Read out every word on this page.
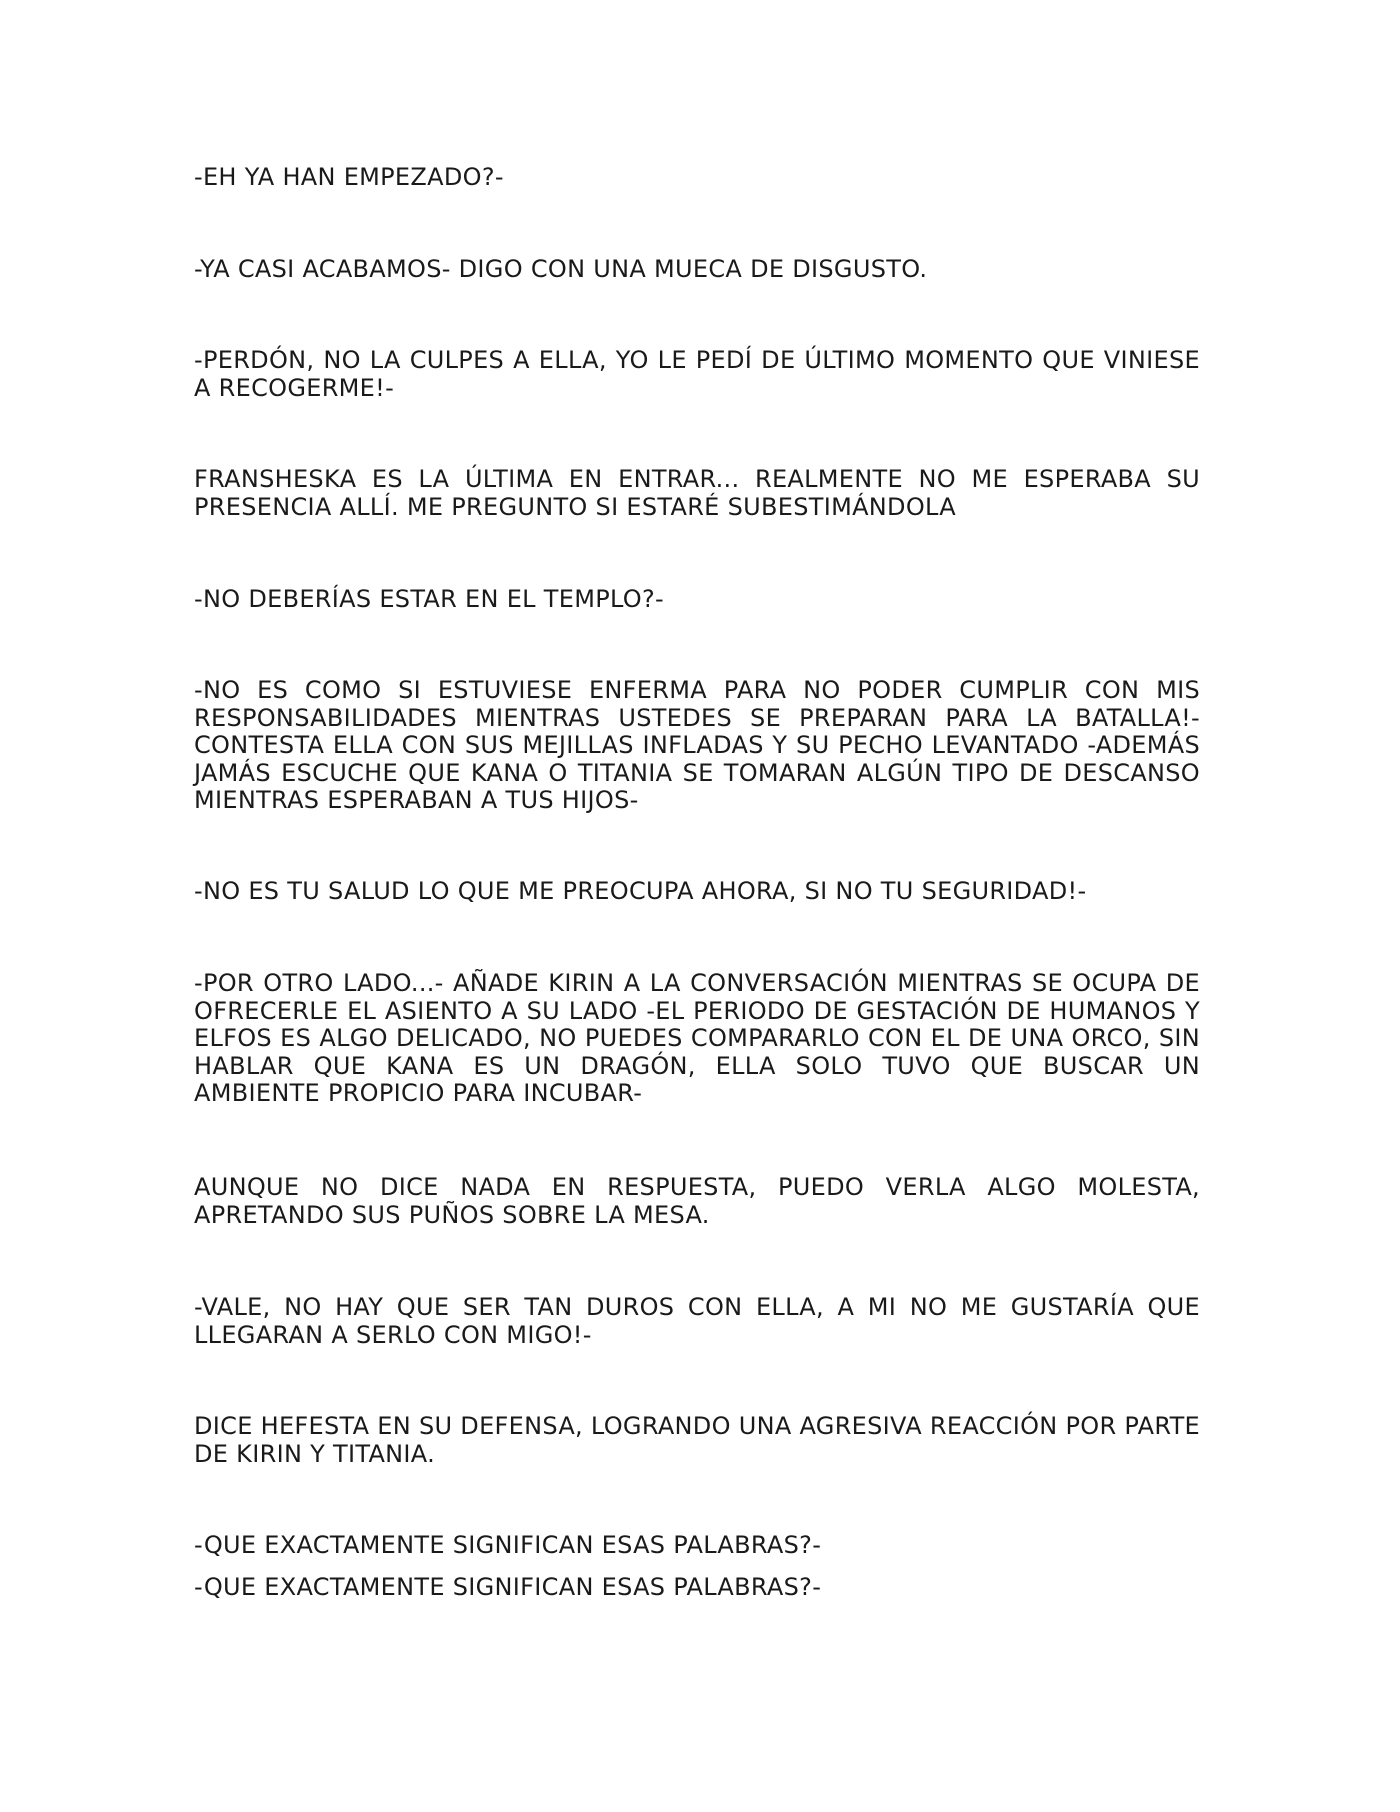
-EH YA HAN EMPEZADO?-

-YA CASI ACABAMOS- DIGO CON UNA MUECA DE DISGUSTO.

-PERDÓN, NO LA CULPES A ELLA, YO LE PEDÍ DE ÚLTIMO MOMENTO QUE VINIESE A RECOGERME!-

FRANSHESKA ES LA ÚLTIMA EN ENTRAR... REALMENTE NO ME ESPERABA SU PRESENCIA ALLÍ. ME PREGUNTO SI ESTARÉ SUBESTIMÁNDOLA

-NO DEBERÍAS ESTAR EN EL TEMPLO?-

-NO ES COMO SI ESTUVIESE ENFERMA PARA NO PODER CUMPLIR CON MIS RESPONSABILIDADES MIENTRAS USTEDES SE PREPARAN PARA LA BATALLA!- CONTESTA ELLA CON SUS MEJILLAS INFLADAS Y SU PECHO LEVANTADO -ADEMÁS JAMÁS ESCUCHE QUE KANA O TITANIA SE TOMARAN ALGÚN TIPO DE DESCANSO MIENTRAS ESPERABAN A TUS HIJOS-

-NO ES TU SALUD LO QUE ME PREOCUPA AHORA, SI NO TU SEGURIDAD!-

-POR OTRO LADO...- AÑADE KIRIN A LA CONVERSACIÓN MIENTRAS SE OCUPA DE OFRECERLE EL ASIENTO A SU LADO -EL PERIODO DE GESTACIÓN DE HUMANOS Y ELFOS ES ALGO DELICADO, NO PUEDES COMPARARLO CON EL DE UNA ORCO, SIN HABLAR QUE KANA ES UN DRAGÓN, ELLA SOLO TUVO QUE BUSCAR UN AMBIENTE PROPICIO PARA INCUBAR-

AUNQUE NO DICE NADA EN RESPUESTA, PUEDO VERLA ALGO MOLESTA, APRETANDO SUS PUÑOS SOBRE LA MESA.

-VALE, NO HAY QUE SER TAN DUROS CON ELLA, A MI NO ME GUSTARÍA QUE LLEGARAN A SERLO CON MIGO!-

DICE HEFESTA EN SU DEFENSA, LOGRANDO UNA AGRESIVA REACCIÓN POR PARTE DE KIRIN Y TITANIA.

-QUE EXACTAMENTE SIGNIFICAN ESAS PALABRAS?-

-QUE EXACTAMENTE SIGNIFICAN ESAS PALABRAS?-
